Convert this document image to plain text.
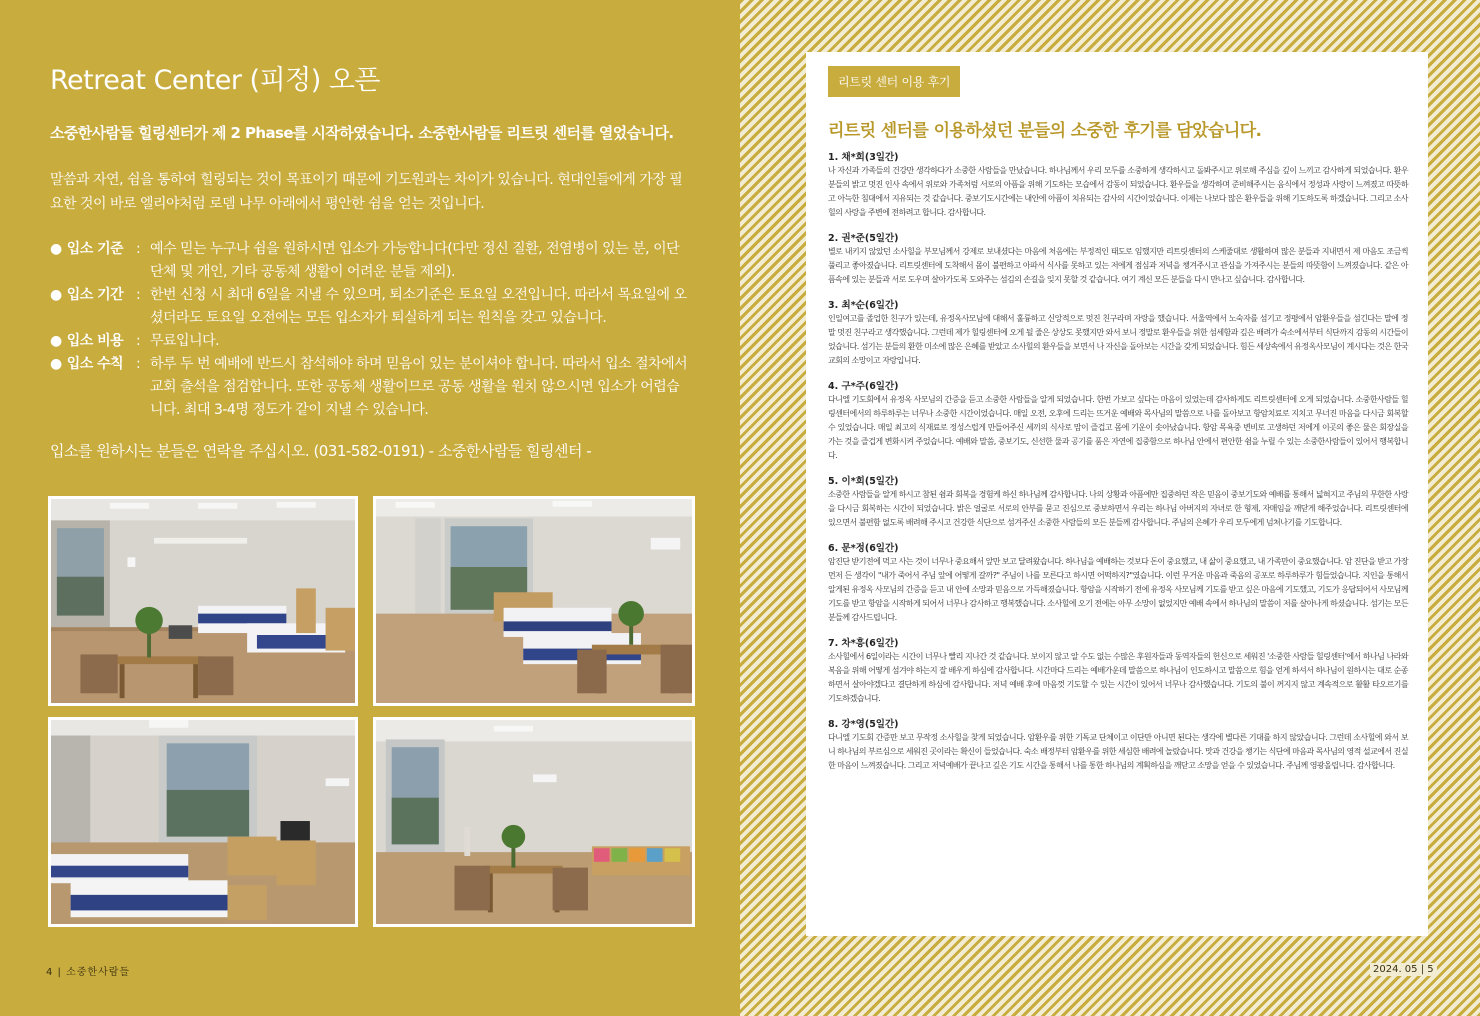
Retreat Center (피정) 오픈
소중한사람들 힐링센터가 제 2 Phase를 시작하였습니다. 소중한사람들 리트릿 센터를 열었습니다.
말씀과 자연, 쉼을 통하여 힐링되는 것이 목표이기 때문에 기도원과는 차이가 있습니다. 현대인들에게 가장 필요한 것이 바로 엘리야처럼 로뎀 나무 아래에서 평안한 쉼을 얻는 것입니다.
● 입소 기준 : 예수 믿는 누구나 쉼을 원하시면 입소가 가능합니다(다만 정신 질환, 전염병이 있는 분, 이단 단체 및 개인, 기타 공동체 생활이 어려운 분들 제외).
● 입소 기간 : 한번 신청 시 최대 6일을 지낼 수 있으며, 퇴소기준은 토요일 오전입니다. 따라서 목요일에 오셨더라도 토요일 오전에는 모든 입소자가 퇴실하게 되는 원칙을 갖고 있습니다.
● 입소 비용 : 무료입니다.
● 입소 수칙 : 하루 두 번 예배에 반드시 참석해야 하며 믿음이 있는 분이셔야 합니다. 따라서 입소 절차에서 교회 출석을 점검합니다. 또한 공동체 생활이므로 공동 생활을 원치 않으시면 입소가 어렵습니다. 최대 3-4명 정도가 같이 지낼 수 있습니다.
입소를 원하시는 분들은 연락을 주십시오. (031-582-0191) - 소중한사람들 힐링센터 -
4 | 소중한사람들
리트릿 센터 이용 후기
리트릿 센터를 이용하셨던 분들의 소중한 후기를 담았습니다.
1. 채*희(3일간)
나 자신과 가족들의 건강만 생각하다가 소중한 사람들을 만났습니다. 하나님께서 우리 모두를 소중하게 생각하시고 돌봐주시고 위로해 주심을 깊이 느끼고 감사하게 되었습니다. 환우분들의 밝고 멋진 인사 속에서 위로와 가족처럼 서로의 아픔을 위해 기도하는 모습에서 감동이 되었습니다. 환우들을 생각하며 준비해주시는 음식에서 정성과 사랑이 느껴졌고 따뜻하고 아늑한 침대에서 지유되는 것 같습니다. 중보기도시간에는 내안에 아픔이 치유되는 감사의 시간이었습니다. 이제는 나보다 많은 환우들을 위해 기도하도록 하겠습니다. 그리고 소사힐의 사랑을 주변에 전하려고 합니다. 감사합니다.
2. 권*준(5일간)
별로 내키지 않았던 소사힐을 부모님께서 강제로 보내셨다는 마음에 처음에는 부정적인 태도로 임했지만 리트릿센터의 스케줄대로 생활하며 많은 분들과 지내면서 제 마음도 조금씩 풀리고 좋아졌습니다. 리트릿센터에 도착해서 몸이 불편하고 아파서 식사를 못하고 있는 저에게 점심과 저녁을 챙겨주시고 관심을 가져주시는 분들의 따뜻함이 느껴졌습니다. 같은 아픔속에 있는 분들과 서로 도우며 살아가도록 도와주는 섬김의 손길을 잊지 못할 것 같습니다. 여기 계신 모든 분들을 다시 만나고 싶습니다. 감사합니다.
3. 최*순(6일간)
인일여고를 졸업한 친구가 있는데, 유정옥사모님에 대해서 훌륭하고 신앙적으로 멋진 친구라며 자랑을 했습니다. 서울역에서 노숙자를 섬기고 정평에서 암환우들을 섬긴다는 말에 정말 멋진 친구라고 생각했습니다. 그런데 제가 힐링센터에 오게 될 줄은 상상도 못했지만 와서 보니 정말로 환우들을 위한 섬세함과 깊은 배려가 숙소에서부터 식단까지 감동의 시간들이었습니다. 섬기는 분들의 환한 미소에 많은 은혜를 받았고 소사힐의 환우들을 보면서 나 자신을 돌아보는 시간을 갖게 되었습니다. 힘든 세상속에서 유정옥사모님이 계시다는 것은 한국 교회의 소망이고 자랑입니다.
4. 구*주(6일간)
다니엘 기도회에서 유정옥 사모님의 간증을 듣고 소중한 사람들을 알게 되었습니다. 한번 가보고 싶다는 마음이 있었는데 감사하게도 리트릿센터에 오게 되었습니다. 소중한사람들 힐링센터에서의 하루하루는 너무나 소중한 시간이었습니다. 매일 오전, 오후에 드리는 뜨거운 예배와 목사님의 말씀으로 나를 돌아보고 항암치료로 지치고 무너진 마음을 다시금 회복할 수 있었습니다. 매일 최고의 식재료로 정성스럽게 만들어주신 세끼의 식사로 맘이 즐겁고 몸에 기운이 솟아났습니다. 항암 목욕중 변비로 고생하던 저에게 이곳의 좋은 물은 회장실을 가는 것을 즐겁게 변화시켜 주었습니다. 예배와 말씀, 중보기도, 신선한 물과 공기를 품은 자연에 집중함으로 하나님 안에서 편안한 쉼을 누릴 수 있는 소중한사람들이 있어서 행복합니다.
5. 이*희(5일간)
소중한 사람들을 알게 하시고 참된 쉼과 회복을 경험케 하신 하나님께 감사합니다. 나의 상황과 아픔에만 집중하던 작은 믿음이 중보기도와 예배를 통해서 넓혀지고 주님의 무한한 사랑을 다시금 회복하는 시간이 되었습니다. 밝은 얼굴로 서로의 안부를 묻고 진심으로 중보하면서 우리는 하나님 아버지의 자녀로 한 형제, 자매임을 깨닫게 해주었습니다. 리트릿센터에 있으면서 불편함 없도록 배려해 주시고 건강한 식단으로 섬겨주신 소중한 사람들의 모든 분들께 감사합니다. 주님의 은혜가 우리 모두에게 넘쳐나기를 기도합니다.
6. 문*정(6일간)
암진단 받기전에 먹고 사는 것이 너무나 중요해서 앞만 보고 달려왔습니다. 하나님을 예배하는 것보다 돈이 중요했고, 내 삶이 중요했고, 내 가족만이 중요했습니다. 암 진단을 받고 가장 먼저 든 생각이 "내가 죽어서 주님 앞에 어떻게 갈까?" 주님이 나를 모른다고 하시면 어떡하지?"였습니다. 이런 무거운 마음과 죽음의 공포로 하루하루가 힘들었습니다. 지인을 통해서 알게된 유정옥 사모님의 간증을 듣고 내 안에 소망과 믿음으로 가득해졌습니다. 항암을 시작하기 전에 유정옥 사모님께 기도를 받고 싶은 마음에 기도했고, 기도가 응답되어서 사모님께 기도를 받고 항암을 시작하게 되어서 너무나 감사하고 행복했습니다. 소사힐에 오기 전에는 아무 소망이 없었지만 예배 속에서 하나님의 말씀이 저를 살아나게 하셨습니다. 섬기는 모든 분들께 감사드립니다.
7. 차*흥(6일간)
소사힐에서 6일이라는 시간이 너무나 빨리 지나간 것 같습니다. 보이지 않고 알 수도 없는 수많은 후원자들과 동역자들의 헌신으로 세워진 '소중한 사람들 힐링센터'에서 하나님 나라와 복음을 위해 어떻게 섬겨야 하는지 잘 배우게 하심에 감사합니다. 시간마다 드리는 예배가운데 말씀으로 하나님이 인도하시고 말씀으로 힘을 얻게 하셔서 하나님이 원하시는 대로 순종하면서 살아야겠다고 결단하게 하심에 감사합니다. 저녁 예배 후에 마음껏 기도할 수 있는 시간이 있어서 너무나 감사했습니다. 기도의 불이 꺼지지 않고 계속적으로 활활 타오르기를 기도하겠습니다.
8. 강*영(5일간)
다니엘 기도회 간증만 보고 무작정 소사힐을 찾게 되었습니다. 암환우를 위한 기독교 단체이고 이단만 아니면 된다는 생각에 별다른 기대를 하지 않았습니다. 그런데 소사힐에 와서 보니 하나님의 부르심으로 세워진 곳이라는 확신이 들었습니다. 숙소 배정부터 암환우를 위한 세심한 배려에 놀랐습니다. 맛과 건강을 챙기는 식단에 마음과 목사님의 영적 설교에서 진실한 마음이 느껴졌습니다. 그리고 저녁예배가 끝나고 깊은 기도 시간을 통해서 나를 통한 하나님의 계획하심을 깨닫고 소망을 얻을 수 있었습니다. 주님께 영광올립니다. 감사합니다.
2024. 05 | 5
